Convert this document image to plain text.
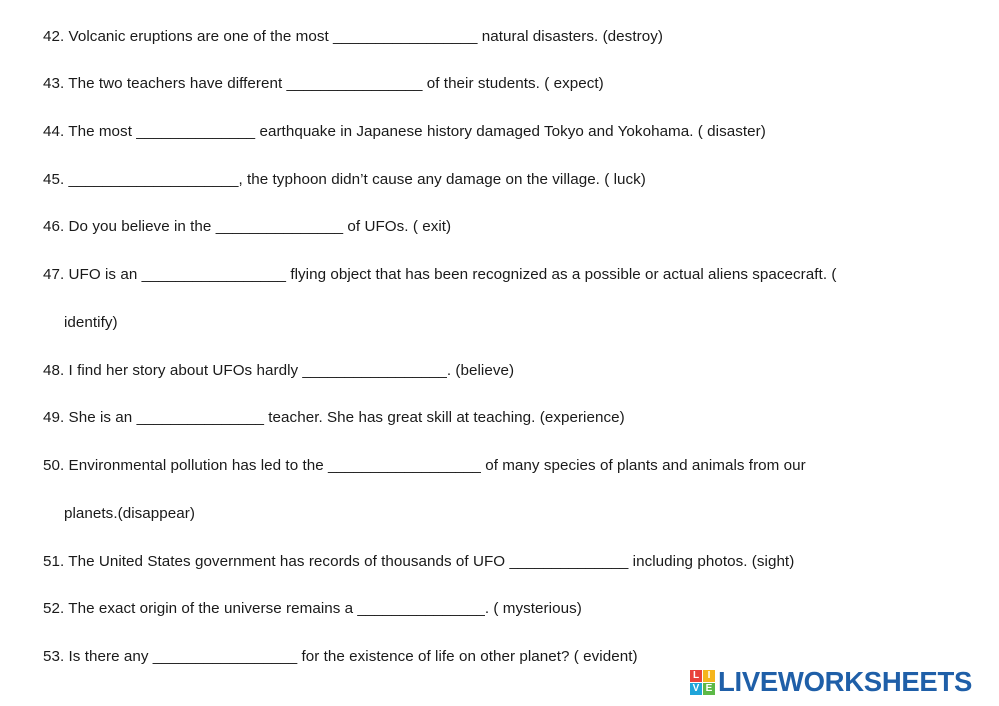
42. Volcanic eruptions are one of the most _________________ natural disasters. (destroy)
43. The two teachers have different ________________ of their students. ( expect)
44. The most ______________ earthquake in Japanese history damaged Tokyo and Yokohama. ( disaster)
45. ____________________, the typhoon didn’t cause any damage on the village. ( luck)
46. Do you believe in the _______________ of UFOs. ( exit)
47. UFO is an _________________ flying object that has been recognized as a possible or actual aliens spacecraft. (
identify)
48. I find her story about UFOs hardly _________________. (believe)
49. She is an _______________ teacher. She has great skill at teaching. (experience)
50. Environmental pollution has led to the __________________ of many species of plants and animals from our
planets.(disappear)
51. The United States government has records of thousands of UFO ______________ including photos. (sight)
52. The exact origin of the universe remains a _______________. ( mysterious)
53. Is there any _________________ for the existence of life on other planet? ( evident)
L I
V E LIVEWORKSHEETS
